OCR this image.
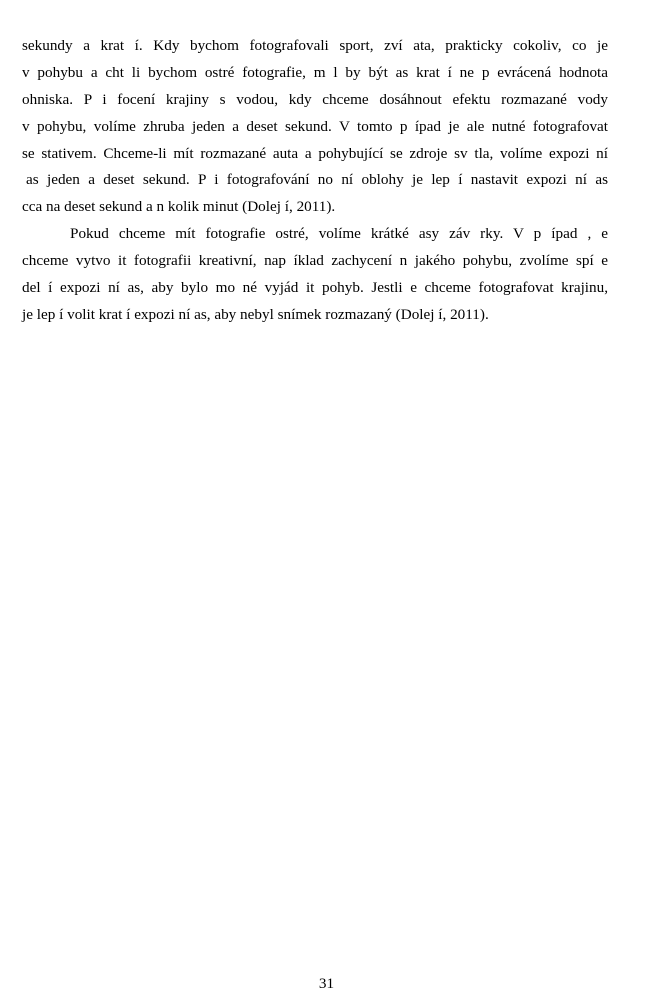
sekundy a krat í. Kdy bychom fotografovali sport, zví ata, prakticky cokoliv, co je
v pohybu a cht li bychom ostré fotografie, m l by být as krat í ne p evrácená hodnota
ohniska. P i focení krajiny s vodou, kdy chceme dosáhnout efektu rozmazané vody
v pohybu, volíme zhruba jeden a deset sekund. V tomto p ípad je ale nutné fotografovat
se stativem. Chceme-li mít rozmazané auta a pohybující se zdroje sv tla, volíme expozi ní
as jeden a deset sekund. P i fotografování no ní oblohy je lep í nastavit expozi ní as
cca na deset sekund a n kolik minut (Dolej í, 2011).
Pokud chceme mít fotografie ostré, volíme krátké asy záv rky. V p ípad , e
chceme vytvo it fotografii kreativní, nap íklad zachycení n jakého pohybu, zvolíme spí e
del í expozi ní as, aby bylo mo né vyjád it pohyb. Jestli e chceme fotografovat krajinu,
je lep í volit krat í expozi ní as, aby nebyl snímek rozmazaný (Dolej í, 2011).
31
